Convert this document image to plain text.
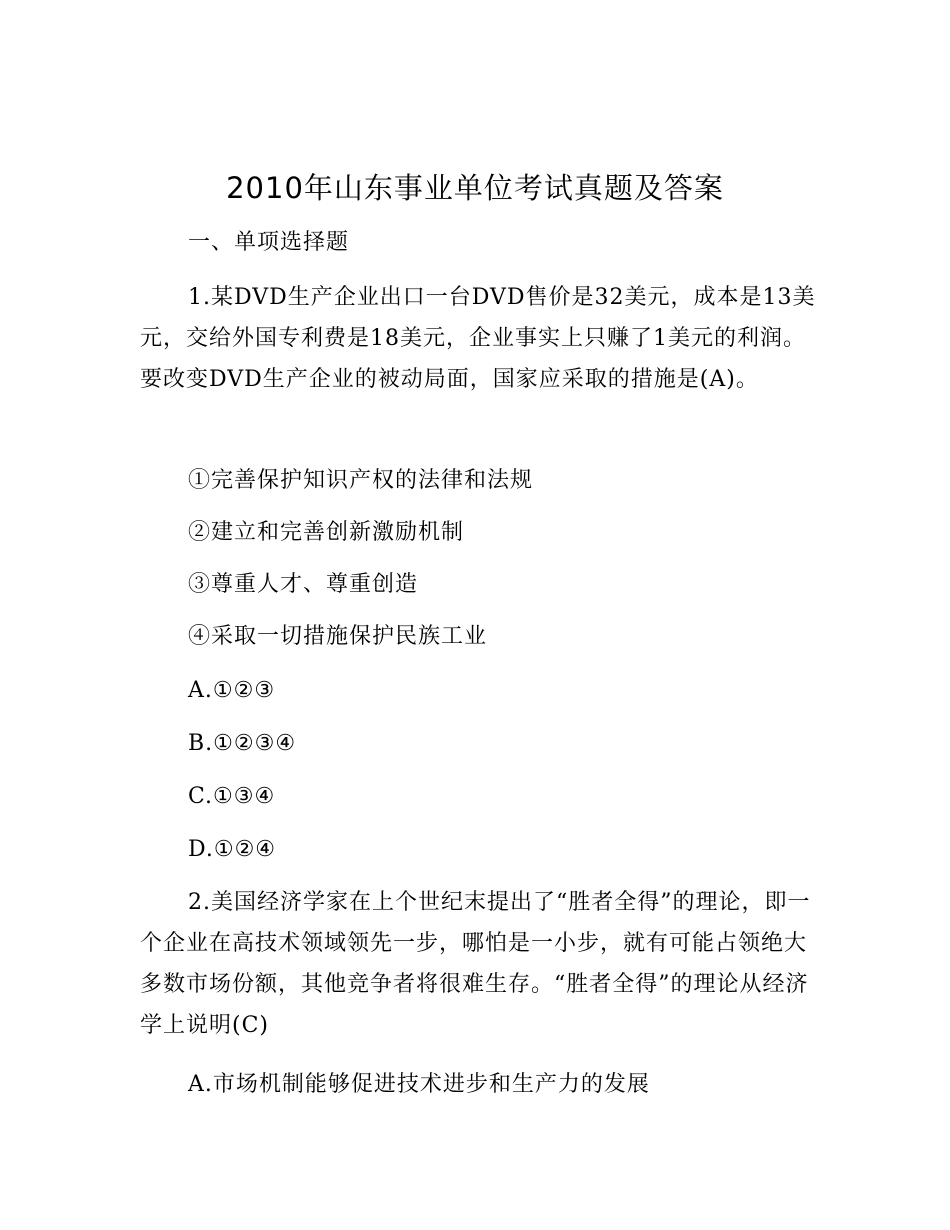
2010年山东事业单位考试真题及答案
一、单项选择题
1.某DVD生产企业出口一台DVD售价是32美元，成本是13美元，交给外国专利费是18美元，企业事实上只赚了1美元的利润。要改变DVD生产企业的被动局面，国家应采取的措施是(A)。
①完善保护知识产权的法律和法规
②建立和完善创新激励机制
③尊重人才、尊重创造
④采取一切措施保护民族工业
A.①②③
B.①②③④
C.①③④
D.①②④
2.美国经济学家在上个世纪末提出了“胜者全得”的理论，即一个企业在高技术领域领先一步，哪怕是一小步，就有可能占领绝大多数市场份额，其他竞争者将很难生存。“胜者全得”的理论从经济学上说明(C)
A.市场机制能够促进技术进步和生产力的发展
